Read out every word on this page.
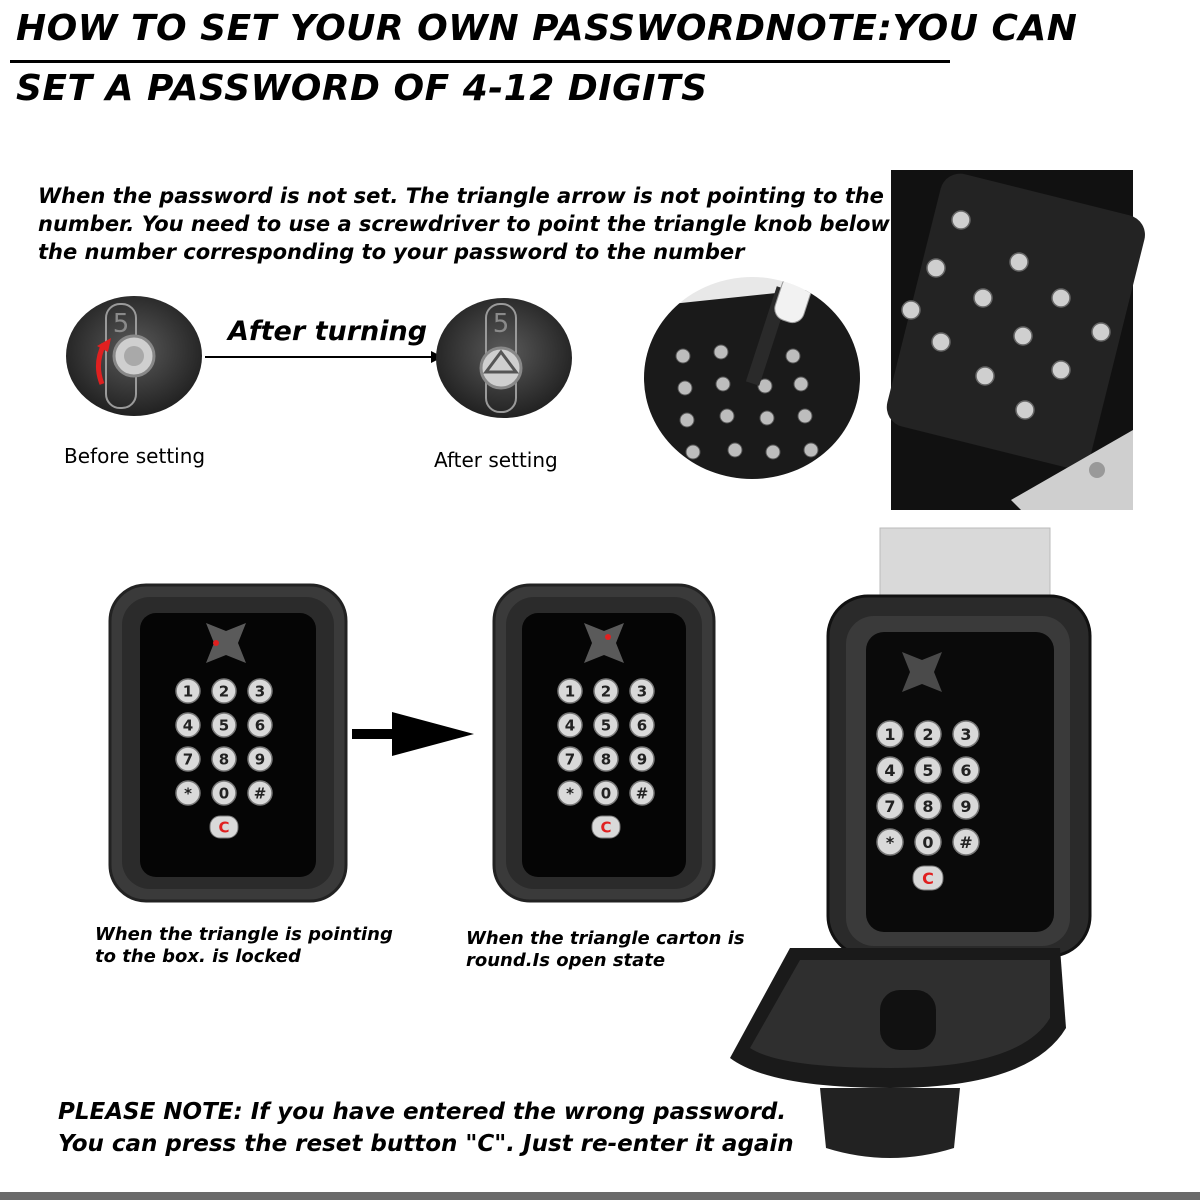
HOW TO SET YOUR OWN PASSWORDNOTE:YOU CAN
SET A PASSWORD OF 4-12 DIGITS
When the password is not set. The triangle arrow is not pointing to the
number. You need to use a screwdriver to point the triangle knob below
the number corresponding to your password to the number
5	After turning	5
Before setting	After setting
1 2 3
4 5 6
7 8 9
* 0 #
C
1 2 3
4 5 6
7 8 9
* 0 #
C
1 2 3
4 5 6
7 8 9
* 0 #
C
When the triangle is pointing
to the box. is locked
When the triangle carton is
round.Is open state
PLEASE NOTE: If you have entered the wrong password.
You can press the reset button "C". Just re-enter it again
